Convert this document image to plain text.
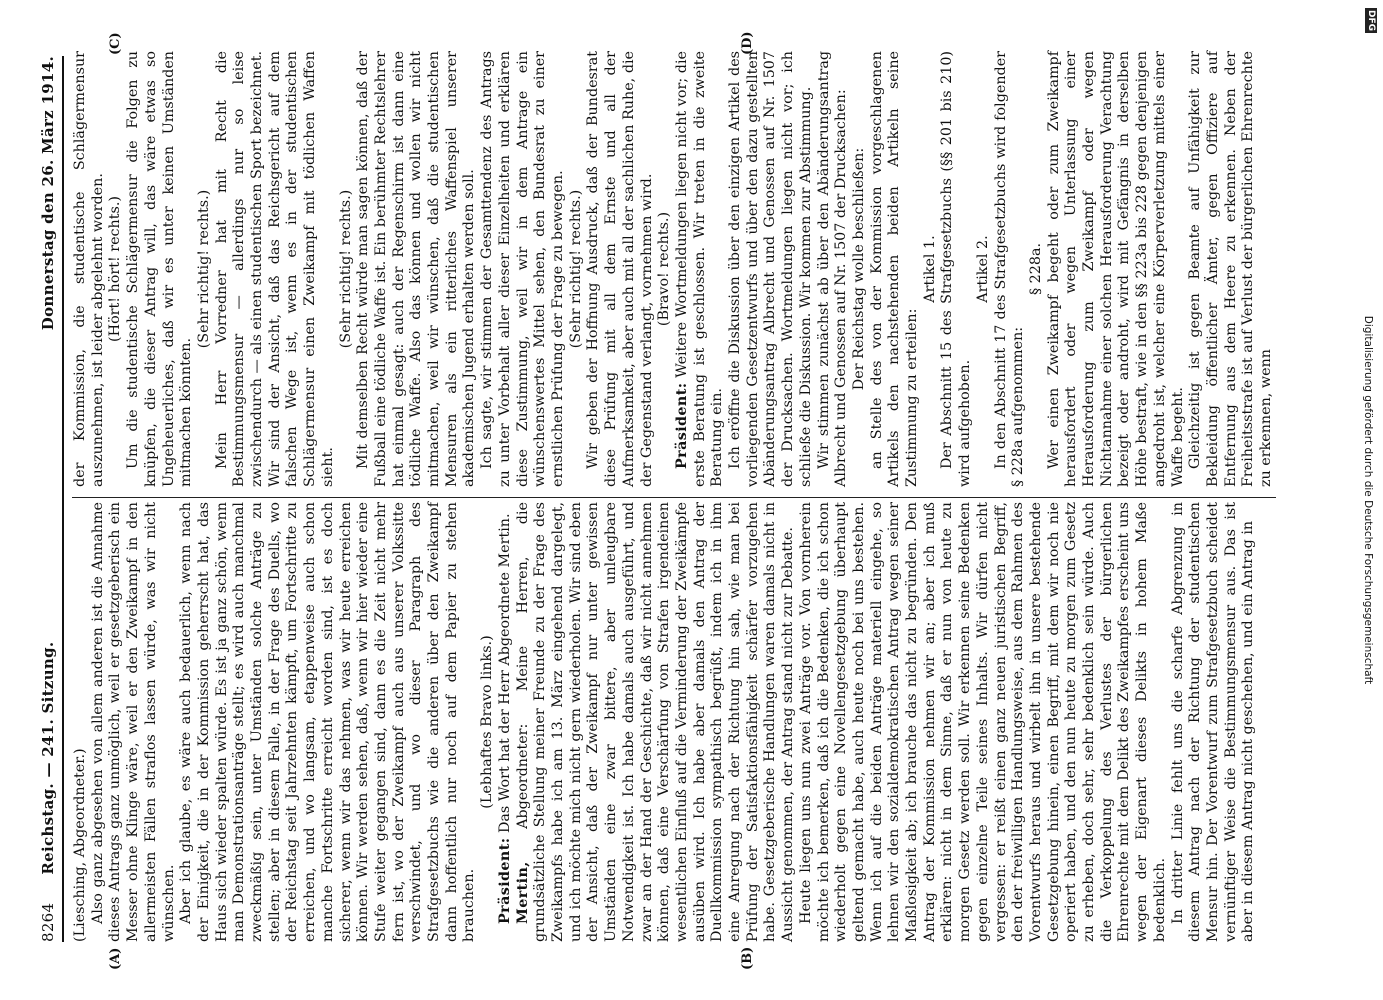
8264
Reichstag. — 241. Sitzung.
Donnerstag den 26. März 1914.
(A)	(B)
(C)	(D)

(Liesching, Abgeordneter.) Also ganz abgesehen von allem anderen ist die Annahme dieses Antrags ganz unmöglich, weil er gesetzgeberisch ein Messer ohne Klinge wäre, weil er den Zweikampf in den allermeisten Fällen straflos lassen würde, was wir nicht wünschen. Aber ich glaube, es wäre auch bedauerlich, wenn nach der Einigkeit, die in der Kommission geherrscht hat, das Haus sich wieder spalten würde. Es ist ja ganz schön, wenn man Demonstrationsanträge stellt; es wird auch manchmal zweckmäßig sein, unter Umständen solche Anträge zu stellen; aber in diesem Falle, in der Frage des Duells, wo der Reichstag seit Jahrzehnten kämpft, um Fortschritte zu erreichen, und wo langsam, etappenweise auch schon manche Fortschritte erreicht worden sind, ist es doch sicherer, wenn wir das nehmen, was wir heute erreichen können. Wir werden sehen, daß, wenn wir hier wieder eine Stufe weiter gegangen sind, dann es die Zeit nicht mehr fern ist, wo der Zweikampf auch aus unserer Volkssitte verschwindet, und wo dieser Paragraph des Strafgesetzbuchs wie die anderen über den Zweikampf dann hoffentlich nur noch auf dem Papier zu stehen brauchen.

(Lebhaftes Bravo links.)

Präsident: Das Wort hat der Herr Abgeordnete Mertin.

Mertin, Abgeordneter: Meine Herren, die grundsätzliche Stellung meiner Freunde zu der Frage des Zweikampfs habe ich am 13. März eingehend dargelegt, und ich möchte mich nicht gern wiederholen. Wir sind eben der Ansicht, daß der Zweikampf nur unter gewissen Umständen eine zwar bittere, aber unleugbare Notwendigkeit ist. Ich habe damals auch ausgeführt, und zwar an der Hand der Geschichte, daß wir nicht annehmen können, daß eine Verschärfung von Strafen irgendeinen wesentlichen Einfluß auf die Verminderung der Zweikämpfe ausüben wird. Ich habe aber damals den Antrag der Duellkommission sympathisch begrüßt, indem ich in ihm eine Anregung nach der Richtung hin sah, wie man bei Prüfung der Satisfaktionsfähigkeit schärfer vorzugehen habe. Gesetzgeberische Handlungen waren damals nicht in Aussicht genommen, der Antrag stand nicht zur Debatte. Heute liegen uns nun zwei Anträge vor. Von vornherein möchte ich bemerken, daß ich die Bedenken, die ich schon wiederholt gegen eine Novellengesetzgebung überhaupt geltend gemacht habe, auch heute noch bei uns bestehen. Wenn ich auf die beiden Anträge materiell eingehe, so lehnen wir den sozialdemokratischen Antrag wegen seiner Maßlosigkeit ab; ich brauche das nicht zu begründen. Den Antrag der Kommission nehmen wir an; aber ich muß erklären: nicht in dem Sinne, daß er nun von heute zu morgen Gesetz werden soll. Wir erkennen seine Bedenken gegen einzelne Teile seines Inhalts. Wir dürfen nicht vergessen: er reißt einen ganz neuen juristischen Begriff, den der freiwilligen Handlungsweise, aus dem Rahmen des Vorentwurfs heraus und wirbelt ihn in unsere bestehende Gesetzgebung hinein, einen Begriff, mit dem wir noch nie operiert haben, und den nun heute zu morgen zum Gesetz zu erheben, doch sehr, sehr bedenklich sein würde. Auch die Verkoppelung des Verlustes der bürgerlichen Ehrenrechte mit dem Delikt des Zweikampfes erscheint uns wegen der Eigenart dieses Delikts in hohem Maße bedenklich. In dritter Linie fehlt uns die scharfe Abgrenzung in diesem Antrag nach der Richtung der studentischen Mensur hin. Der Vorentwurf zum Strafgesetzbuch scheidet vernünftiger Weise die Bestimmungsmensur aus. Das ist aber in diesem Antrag nicht geschehen, und ein Antrag in

der Kommission, die studentische Schlägermensur auszunehmen, ist leider abgelehnt worden. (Hört! hört! rechts.) Um die studentische Schlägermensur die Folgen zu knüpfen, die dieser Antrag will, das wäre etwas so Ungeheuerliches, daß wir es unter keinen Umständen mitmachen könnten.

(Sehr richtig! rechts.) Mein Herr Vorredner hat mit Recht die Bestimmungsmensur — allerdings nur so leise zwischendurch — als einen studentischen Sport bezeichnet. Wir sind der Ansicht, daß das Reichsgericht auf dem falschen Wege ist, wenn es in der studentischen Schlägermensur einen Zweikampf mit tödlichen Waffen sieht.

(Sehr richtig! rechts.) Mit demselben Recht würde man sagen können, daß der Fußball eine tödliche Waffe ist. Ein berühmter Rechtslehrer hat einmal gesagt: auch der Regenschirm ist dann eine tödliche Waffe. Also das können und wollen wir nicht mitmachen, weil wir wünschen, daß die studentischen Mensuren als ein ritterliches Waffenspiel unserer akademischen Jugend erhalten werden soll. Ich sagte, wir stimmen der Gesamttendenz des Antrags zu unter Vorbehalt aller dieser Einzelheiten und erklären diese Zustimmung, weil wir in dem Antrage ein wünschenswertes Mittel sehen, den Bundesrat zu einer ernstlichen Prüfung der Frage zu bewegen. (Sehr richtig! rechts.) Wir geben der Hoffnung Ausdruck, daß der Bundesrat diese Prüfung mit all dem Ernste und all der Aufmerksamkeit, aber auch mit all der sachlichen Ruhe, die der Gegenstand verlangt, vornehmen wird. (Bravo! rechts.)

Präsident: Weitere Wortmeldungen liegen nicht vor; die erste Beratung ist geschlossen. Wir treten in die zweite Beratung ein. Ich eröffne die Diskussion über den einzigen Artikel des vorliegenden Gesetzentwurfs und über den dazu gestellten Abänderungsantrag Albrecht und Genossen auf Nr. 1507 der Drucksachen. Wortmeldungen liegen nicht vor; ich schließe die Diskussion. Wir kommen zur Abstimmung. Wir stimmen zunächst ab über den Abänderungsantrag Albrecht und Genossen auf Nr. 1507 der Drucksachen: Der Reichstag wolle beschließen: an Stelle des von der Kommission vorgeschlagenen Artikels den nachstehenden beiden Artikeln seine Zustimmung zu erteilen:

Artikel 1. Der Abschnitt 15 des Strafgesetzbuchs (§§ 201 bis 210) wird aufgehoben.

Artikel 2. In den Abschnitt 17 des Strafgesetzbuchs wird folgender § 228a aufgenommen:

§ 228a. Wer einen Zweikampf begeht oder zum Zweikampf herausfordert oder wegen Unterlassung einer Herausforderung zum Zweikampf oder wegen Nichtannahme einer solchen Herausforderung Verachtung bezeigt oder androht, wird mit Gefängnis in derselben Höhe bestraft, wie in den §§ 223a bis 228 gegen denjenigen angedroht ist, welcher eine Körperverletzung mittels einer Waffe begeht. Gleichzeitig ist gegen Beamte auf Unfähigkeit zur Bekleidung öffentlicher Ämter, gegen Offiziere auf Entfernung aus dem Heere zu erkennen. Neben der Freiheitsstrafe ist auf Verlust der bürgerlichen Ehrenrechte zu erkennen, wenn	Digitalisierung gefördert durch die Deutsche Forschungsgemeinschaft
DFG
